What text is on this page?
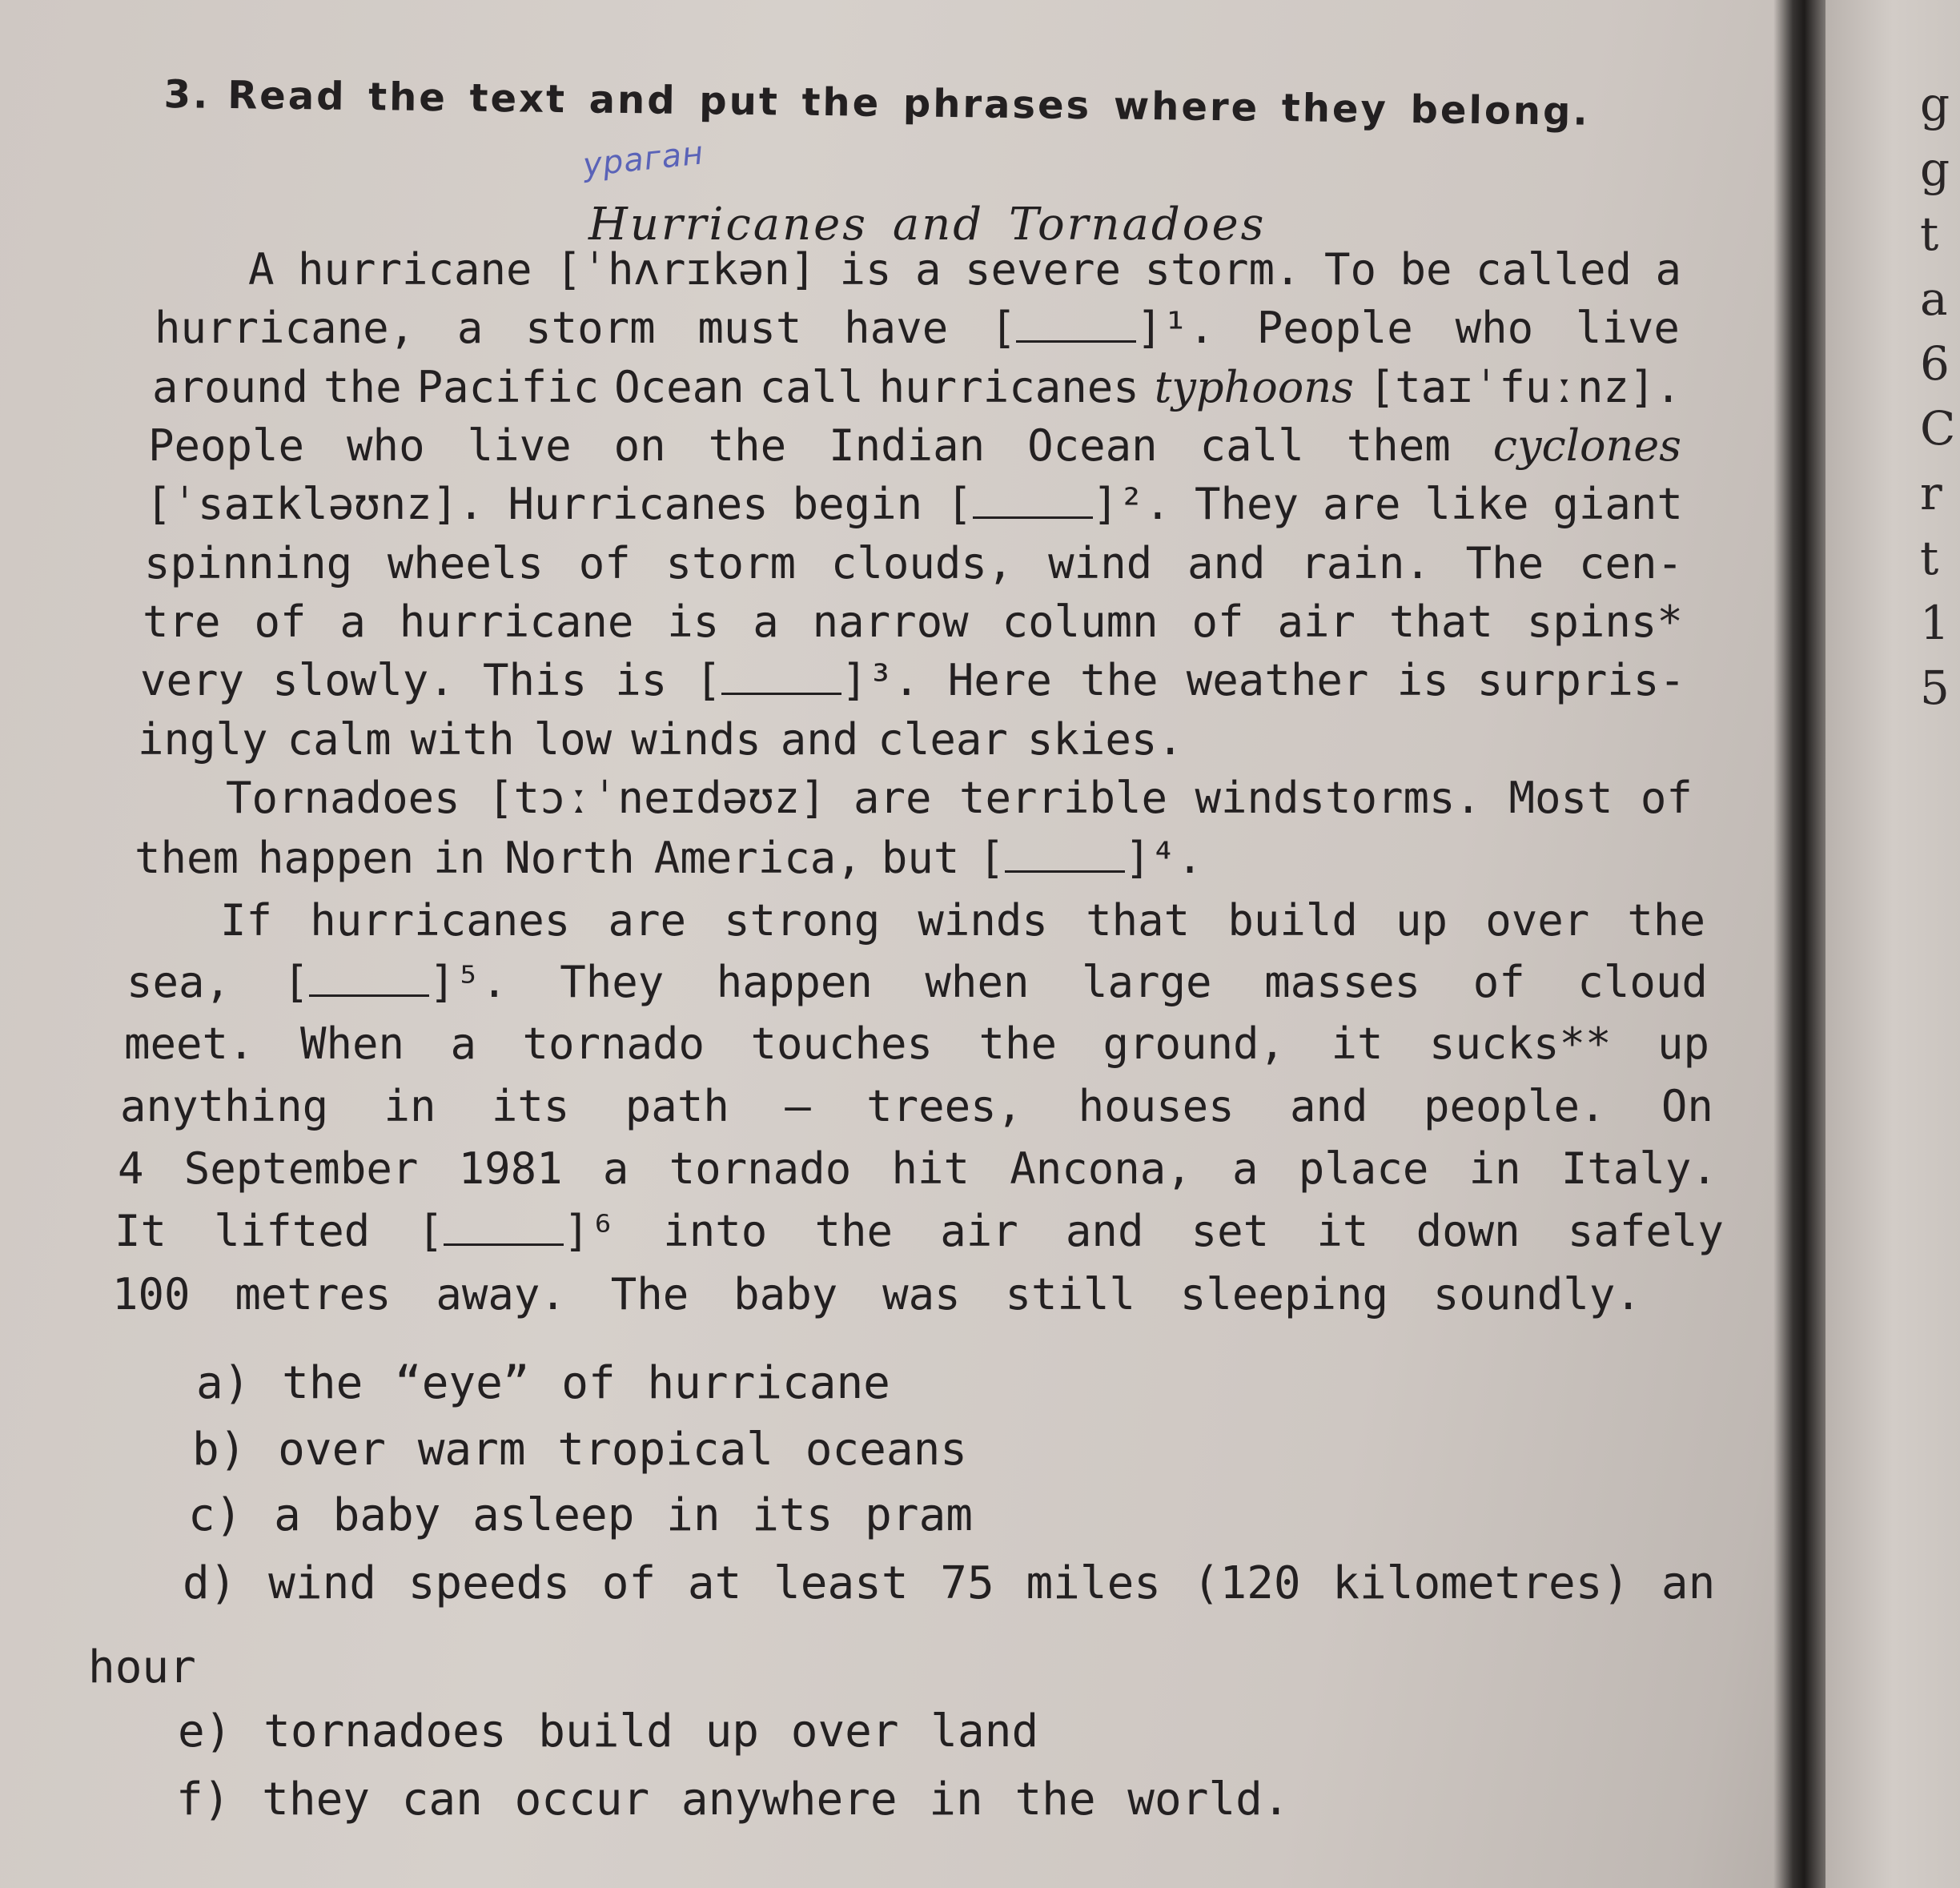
g
g
t
a
6
C
r
t
1
5
3. Read the text and put the phrases where they belong.
ураган
Hurricanes and Tornadoes
A hurricane [ˈhʌrɪkən] is a severe storm. To be called a
hurricane, a storm must have [	]¹. People who live
around the Pacific Ocean call hurricanes typhoons [taɪˈfuːnz].
People who live on the Indian Ocean call them cyclones
[ˈsaɪkləʊnz]. Hurricanes begin [	]². They are like giant
spinning wheels of storm clouds, wind and rain. The cen-
tre of a hurricane is a narrow column of air that spins*
very slowly. This is [	]³. Here the weather is surpris-
ingly calm with low winds and clear skies.
Tornadoes [tɔːˈneɪdəʊz] are terrible windstorms. Most of
them happen in North America, but [	]⁴.
If hurricanes are strong winds that build up over the
sea, [	]⁵. They happen when large masses of cloud
meet. When a tornado touches the ground, it sucks** up
anything in its path — trees, houses and people. On
4 September 1981 a tornado hit Ancona, a place in Italy.
It lifted [	]⁶ into the air and set it down safely
100 metres away. The baby was still sleeping soundly.
a) the “eye” of hurricane
b) over warm tropical oceans
c) a baby asleep in its pram
d) wind speeds of at least 75 miles (120 kilometres) an
hour
e) tornadoes build up over land
f) they can occur anywhere in the world.
